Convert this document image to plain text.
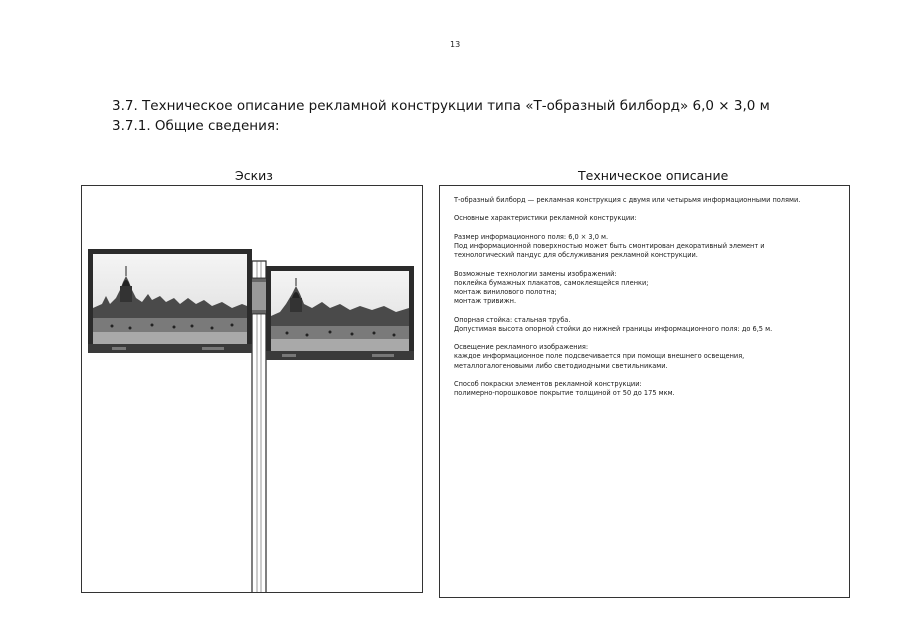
13
3.7. Техническое описание рекламной конструкции типа «Т-образный билборд» 6,0 × 3,0 м
3.7.1. Общие сведения:
Эскиз	Техническое описание

Т-образный билборд — рекламная конструкция с двумя или четырьмя информационными полями.

Основные характеристики рекламной конструкции:

Размер информационного поля: 6,0 × 3,0 м.
Под информационной поверхностью может быть смонтирован декоративный элемент и
технологический пандус для обслуживания рекламной конструкции.

Возможные технологии замены изображений:
поклейка бумажных плакатов, самоклеящейся пленки;
монтаж винилового полотна;
монтаж тривижн.

Опорная стойка: стальная труба.
Допустимая высота опорной стойки до нижней границы информационного поля: до 6,5 м.

Освещение рекламного изображения:
каждое информационное поле подсвечивается при помощи внешнего освещения,
металлогалогеновыми либо светодиодными светильниками.

Способ покраски элементов рекламной конструкции:
полимерно-порошковое покрытие толщиной от 50 до 175 мкм.
